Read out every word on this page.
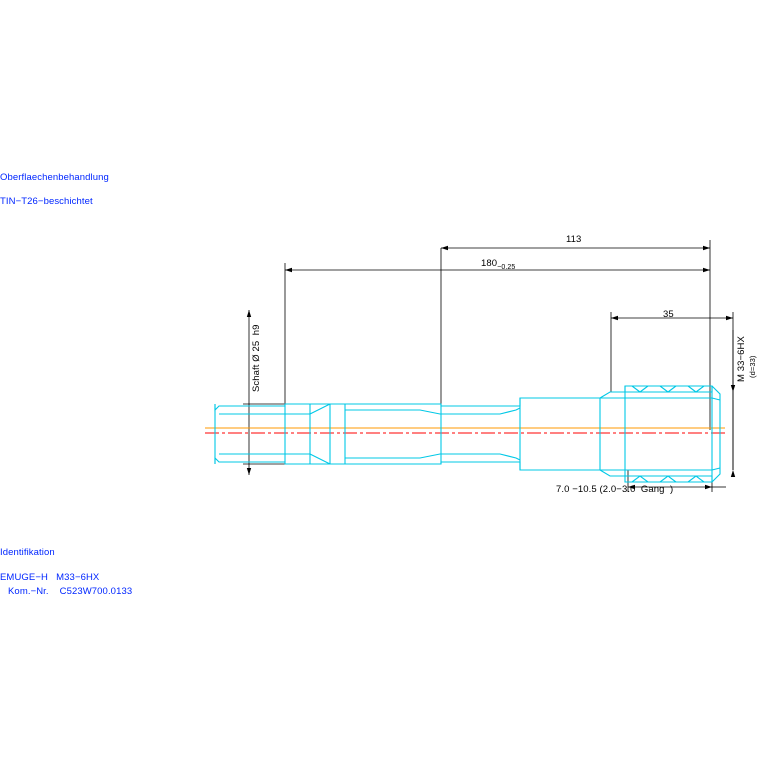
Oberflaechenbehandlung
TIN−T26−beschichtet
Identifikation
EMUGE−H   M33−6HX
Kom.−Nr.    C523W700.0133
113
$180_{-0.25}$
35
Schaft Ø 25  h9	M 33−6HX (d=33)
7.0 −10.5 (2.0−3.0  Gang  )
